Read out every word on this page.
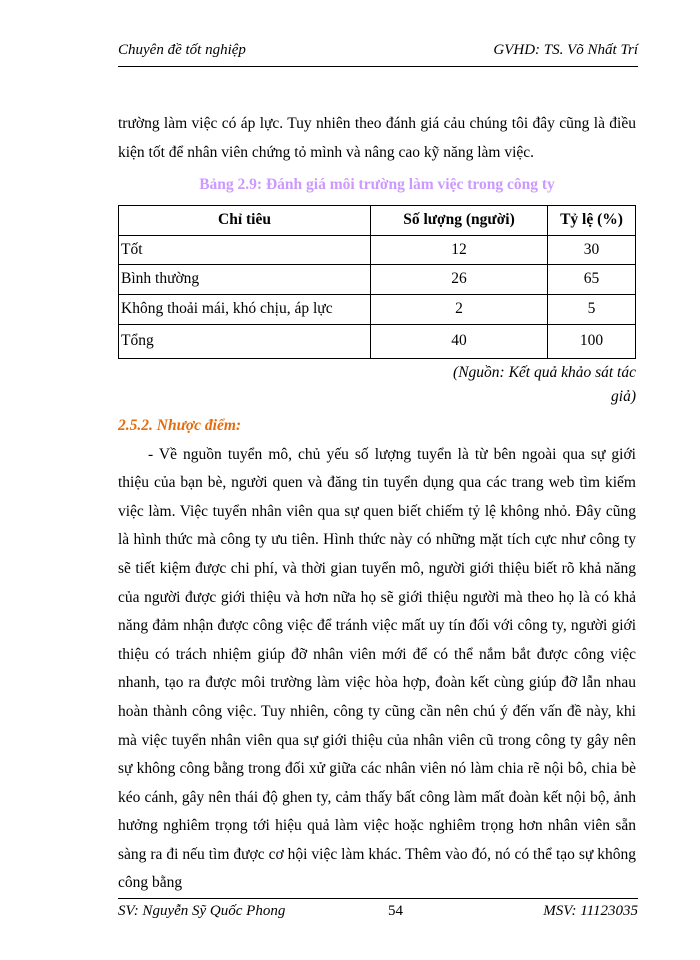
Chuyên đề tốt nghiệp	GVHD: TS. Võ Nhất Trí

trường làm việc có áp lực. Tuy nhiên theo đánh giá cảu chúng tôi đây cũng là điều kiện tốt để nhân viên chứng tỏ mình và nâng cao kỹ năng làm việc.

Bảng 2.9: Đánh giá môi trường làm việc trong công ty

Chỉ tiêu	Số lượng (người)	Tỷ lệ (%)
Tốt	12	30
Bình thường	26	65
Không thoải mái, khó chịu, áp lực	2	5
Tổng	40	100

(Nguồn: Kết quả khảo sát tác giả)

2.5.2. Nhược điểm:

- Về nguồn tuyển mô, chủ yếu số lượng tuyển là từ bên ngoài qua sự giới thiệu của bạn bè, người quen và đăng tin tuyển dụng qua các trang web tìm kiếm việc làm. Việc tuyển nhân viên qua sự quen biết chiếm tỷ lệ không nhỏ. Đây cũng là hình thức mà công ty ưu tiên. Hình thức này có những mặt tích cực như công ty sẽ tiết kiệm được chi phí, và thời gian tuyển mô, người giới thiệu biết rõ khả năng của người được giới thiệu và hơn nữa họ sẽ giới thiệu người mà theo họ là có khả năng đảm nhận được công việc để tránh việc mất uy tín đối với công ty, người giới thiệu có trách nhiệm giúp đỡ nhân viên mới để có thể nắm bắt được công việc nhanh, tạo ra được môi trường làm việc hòa hợp, đoàn kết cùng giúp đỡ lẫn nhau hoàn thành công việc. Tuy nhiên, công ty cũng cần nên chú ý đến vấn đề này, khi mà việc tuyển nhân viên qua sự giới thiệu của nhân viên cũ trong công ty gây nên sự không công bằng trong đối xử giữa các nhân viên nó làm chia rẽ nội bô, chia bè kéo cánh, gây nên thái độ ghen ty, cảm thấy bất công làm mất đoàn kết nội bộ, ảnh hưởng nghiêm trọng tới hiệu quả làm việc hoặc nghiêm trọng hơn nhân viên sẵn sàng ra đi nếu tìm được cơ hội việc làm khác. Thêm vào đó, nó có thể tạo sự không công bằng

SV: Nguyễn Sỹ Quốc Phong	54	MSV: 11123035
